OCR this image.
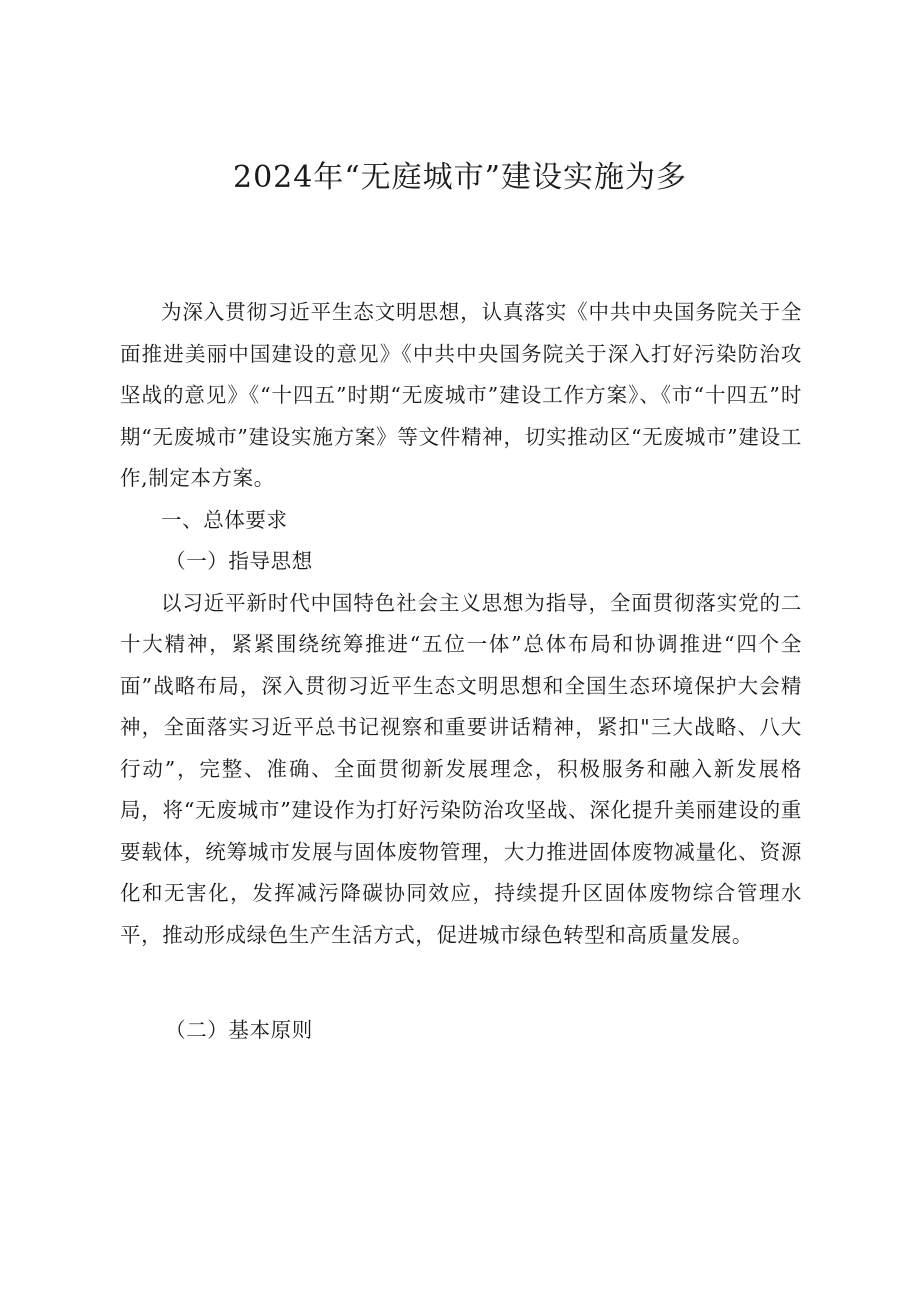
2024年“无庭城市”建设实施为多

为深入贯彻习近平生态文明思想，认真落实《中共中央国务院关于全面推进美丽中国建设的意见》《中共中央国务院关于深入打好污染防治攻坚战的意见》《“十四五”时期“无废城市”建设工作方案》、《市“十四五”时期“无废城市”建设实施方案》等文件精神，切实推动区“无废城市”建设工作,制定本方案。

一、总体要求

（一）指导思想

以习近平新时代中国特色社会主义思想为指导，全面贯彻落实党的二十大精神，紧紧围绕统筹推进“五位一体”总体布局和协调推进“四个全面”战略布局，深入贯彻习近平生态文明思想和全国生态环境保护大会精神，全面落实习近平总书记视察和重要讲话精神，紧扣"三大战略、八大行动”，完整、准确、全面贯彻新发展理念，积极服务和融入新发展格局，将“无废城市”建设作为打好污染防治攻坚战、深化提升美丽建设的重要载体，统筹城市发展与固体废物管理，大力推进固体废物减量化、资源化和无害化，发挥减污降碳协同效应，持续提升区固体废物综合管理水平，推动形成绿色生产生活方式，促进城市绿色转型和高质量发展。

（二）基本原则
